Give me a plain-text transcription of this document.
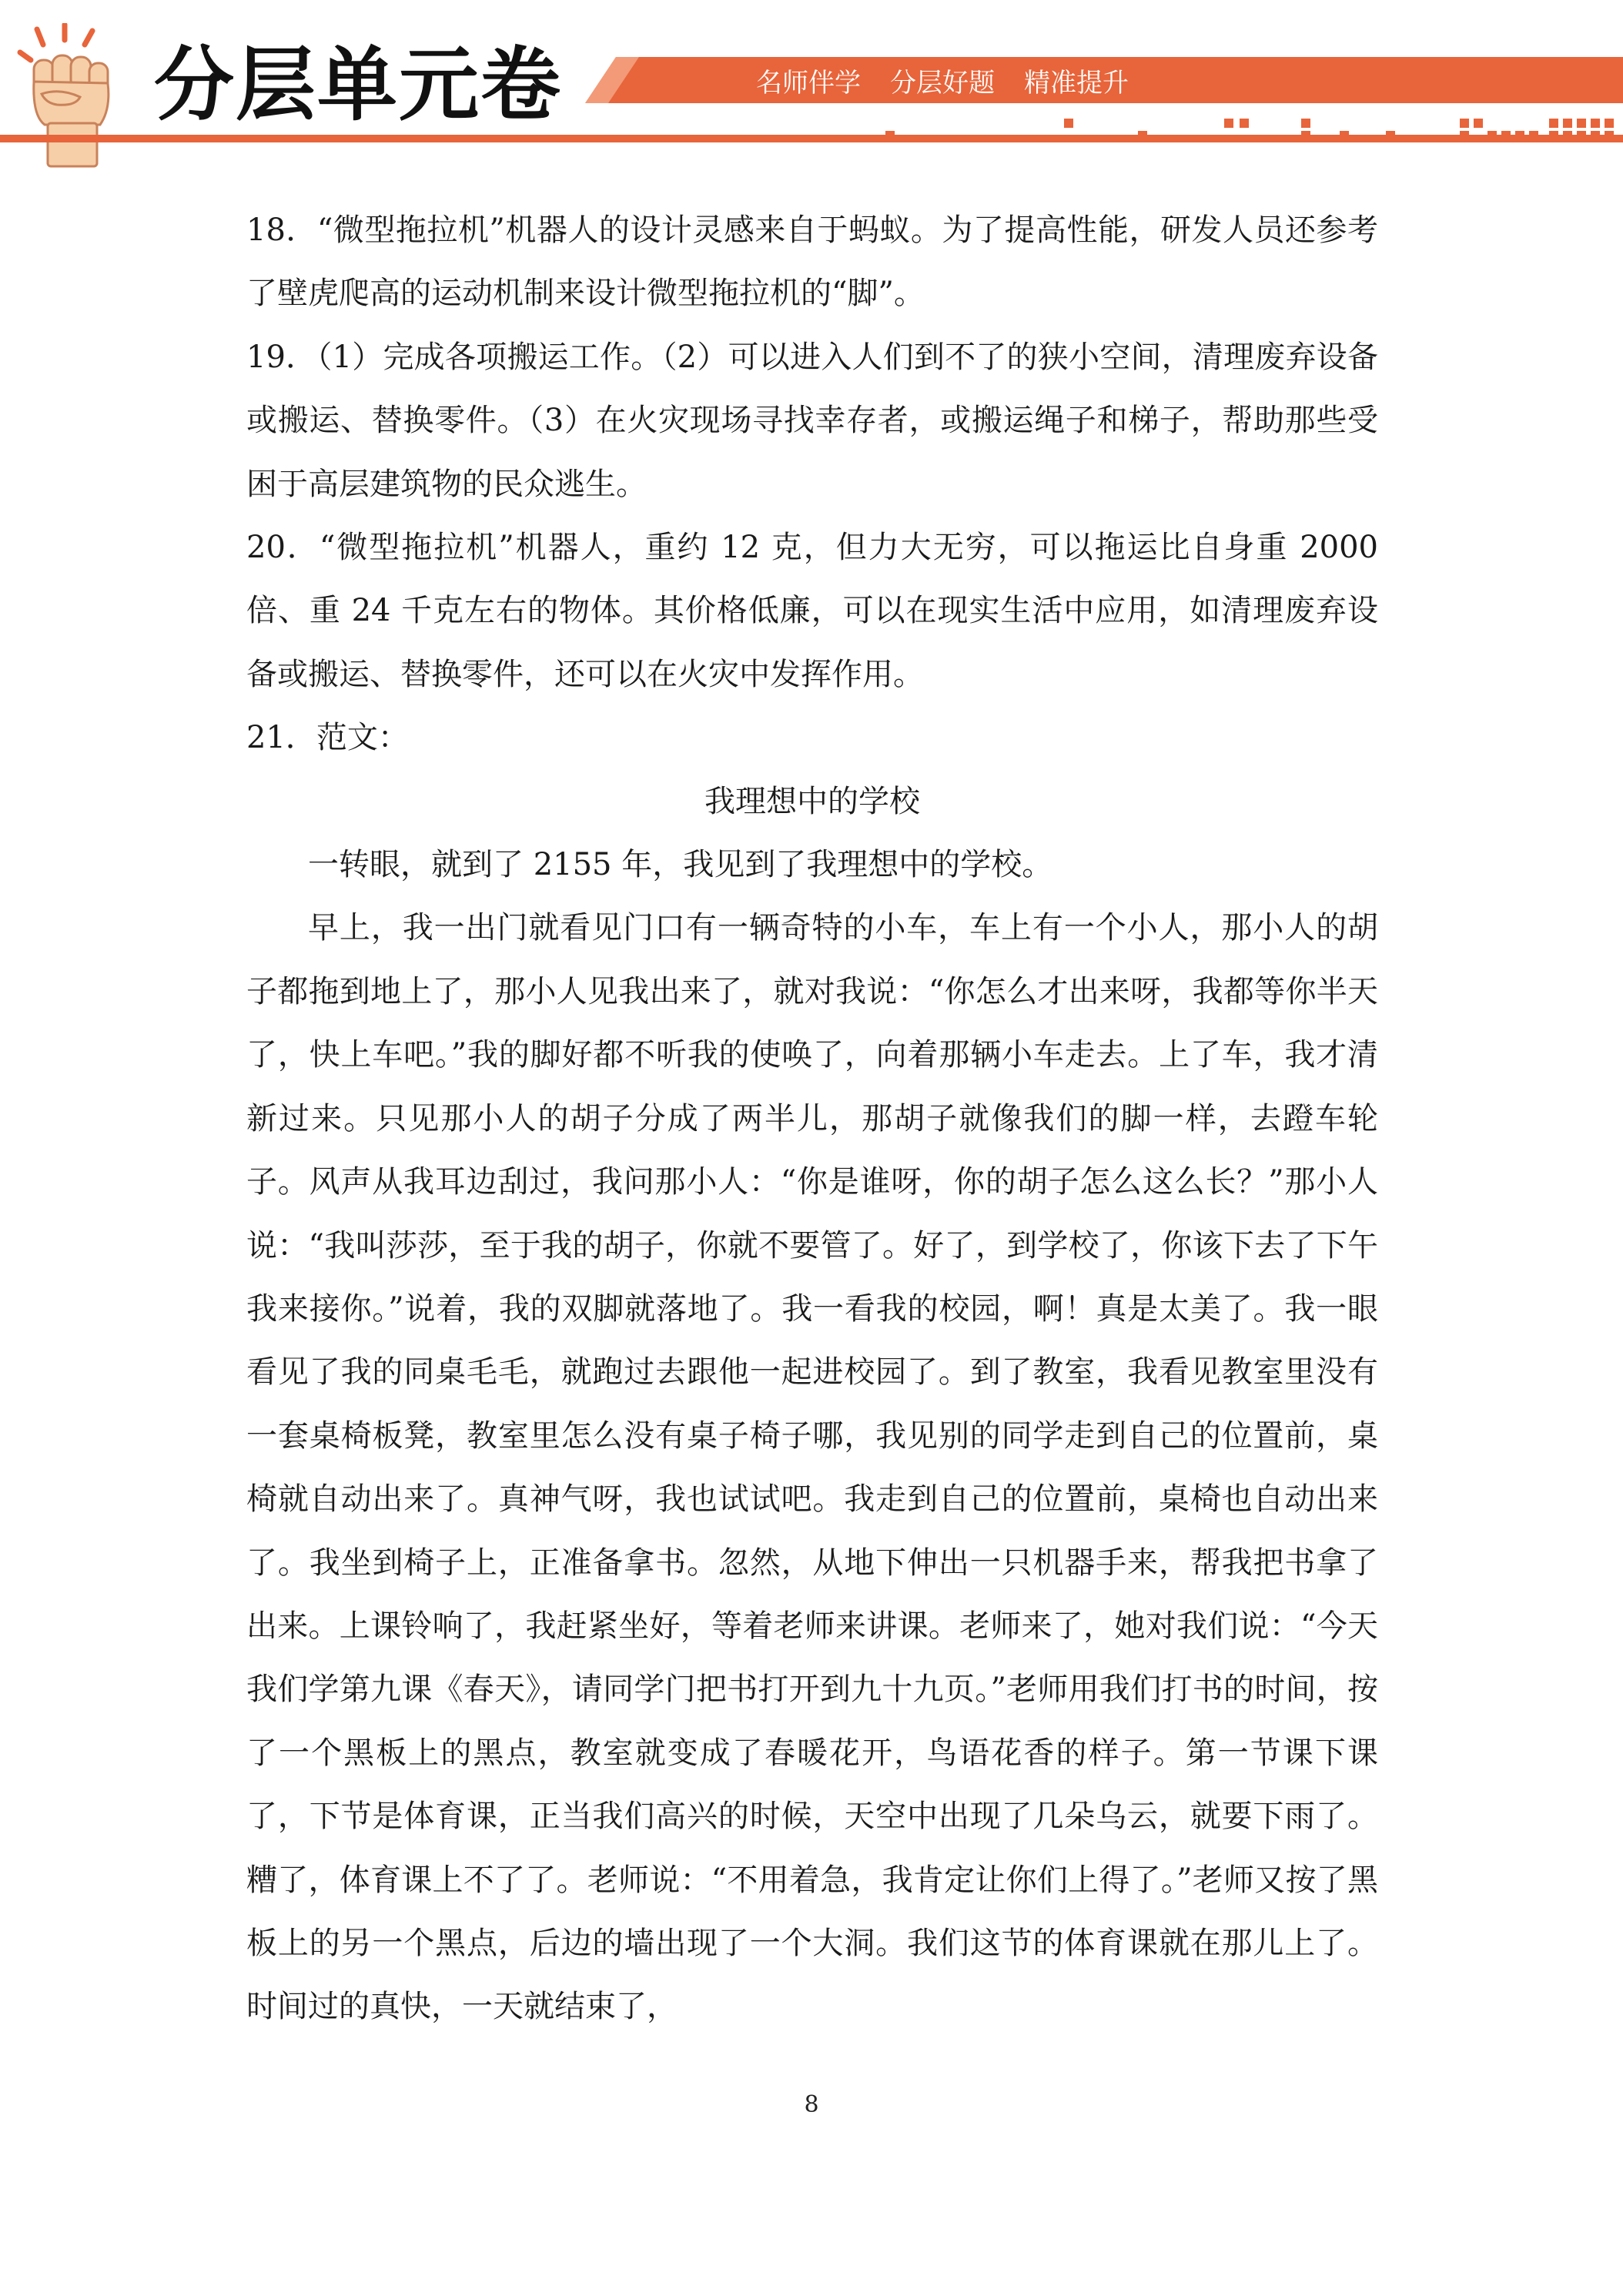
分层单元卷	名师伴学 分层好题 精准提升

18．“微型拖拉机”机器人的设计灵感来自于蚂蚁。为了提高性能，研发人员还参考了壁虎爬高的运动机制来设计微型拖拉机的“脚”。

19．（1）完成各项搬运工作。（2）可以进入人们到不了的狭小空间，清理废弃设备或搬运、替换零件。（3）在火灾现场寻找幸存者，或搬运绳子和梯子，帮助那些受困于高层建筑物的民众逃生。

20．“微型拖拉机”机器人，重约 12 克，但力大无穷，可以拖运比自身重 2000 倍、重 24 千克左右的物体。其价格低廉，可以在现实生活中应用，如清理废弃设备或搬运、替换零件，还可以在火灾中发挥作用。

21．范文：

我理想中的学校

一转眼，就到了 2155 年，我见到了我理想中的学校。

早上，我一出门就看见门口有一辆奇特的小车，车上有一个小人，那小人的胡子都拖到地上了，那小人见我出来了，就对我说：“你怎么才出来呀，我都等你半天了，快上车吧。”我的脚好都不听我的使唤了，向着那辆小车走去。上了车，我才清新过来。只见那小人的胡子分成了两半儿，那胡子就像我们的脚一样，去蹬车轮子。风声从我耳边刮过，我问那小人：“你是谁呀，你的胡子怎么这么长？”那小人说：“我叫莎莎，至于我的胡子，你就不要管了。好了，到学校了，你该下去了下午我来接你。”说着，我的双脚就落地了。我一看我的校园，啊！真是太美了。我一眼看见了我的同桌毛毛，就跑过去跟他一起进校园了。到了教室，我看见教室里没有一套桌椅板凳，教室里怎么没有桌子椅子哪，我见别的同学走到自己的位置前，桌椅就自动出来了。真神气呀，我也试试吧。我走到自己的位置前，桌椅也自动出来了。我坐到椅子上，正准备拿书。忽然，从地下伸出一只机器手来，帮我把书拿了出来。上课铃响了，我赶紧坐好，等着老师来讲课。老师来了，她对我们说：“今天我们学第九课《春天》，请同学门把书打开到九十九页。”老师用我们打书的时间，按了一个黑板上的黑点，教室就变成了春暖花开，鸟语花香的样子。第一节课下课了，下节是体育课，正当我们高兴的时候，天空中出现了几朵乌云，就要下雨了。糟了，体育课上不了了。老师说：“不用着急，我肯定让你们上得了。”老师又按了黑板上的另一个黑点，后边的墙出现了一个大洞。我们这节的体育课就在那儿上了。时间过的真快，一天就结束了，

8
